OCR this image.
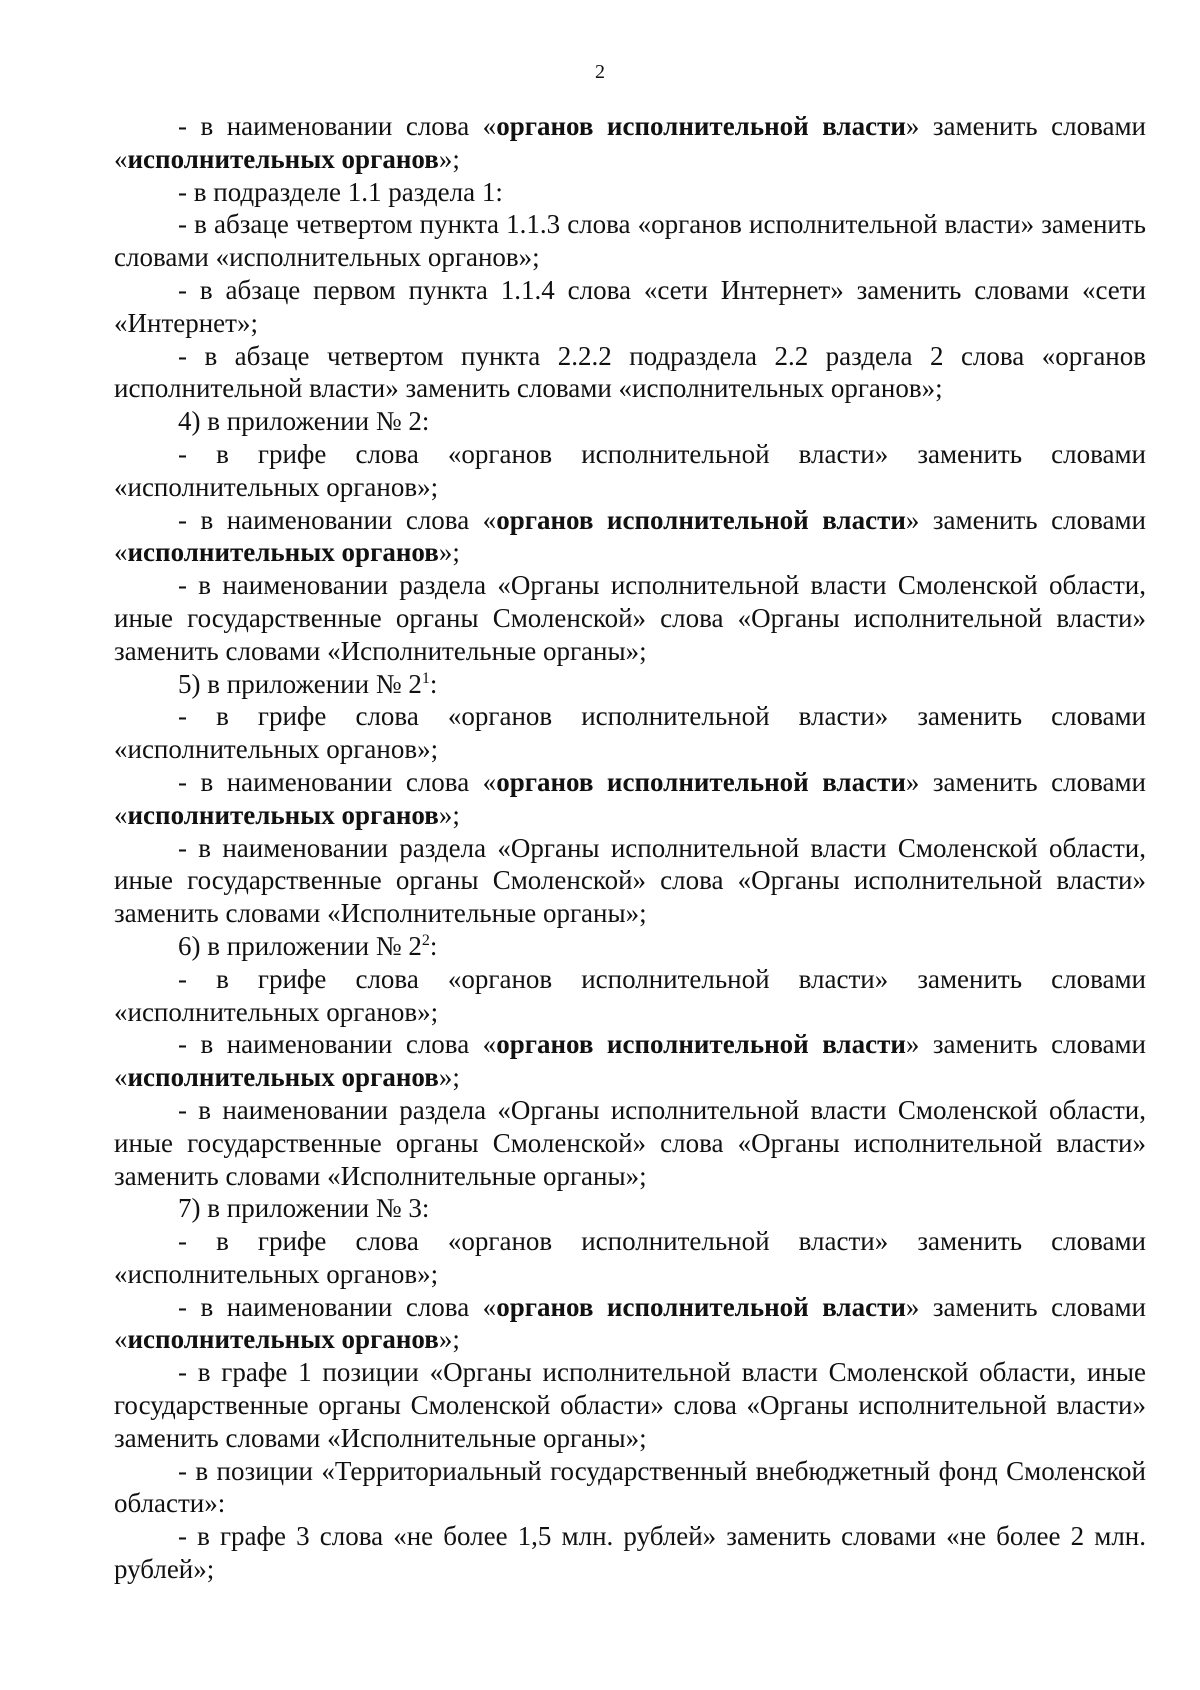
2

- в наименовании слова «органов исполнительной власти» заменить словами «исполнительных органов»;

- в подразделе 1.1 раздела 1:

- в абзаце четвертом пункта 1.1.3 слова «органов исполнительной власти» заменить словами «исполнительных органов»;

- в абзаце первом пункта 1.1.4 слова «сети Интернет» заменить словами «сети «Интернет»;

- в абзаце четвертом пункта 2.2.2 подраздела 2.2 раздела 2 слова «органов исполнительной власти» заменить словами «исполнительных органов»;

4) в приложении № 2:

- в грифе слова «органов исполнительной власти» заменить словами «исполнительных органов»;

- в наименовании слова «органов исполнительной власти» заменить словами «исполнительных органов»;

- в наименовании раздела «Органы исполнительной власти Смоленской области, иные государственные органы Смоленской» слова «Органы исполнительной власти» заменить словами «Исполнительные органы»;

5) в приложении № $2^1$:

- в грифе слова «органов исполнительной власти» заменить словами «исполнительных органов»;

- в наименовании слова «органов исполнительной власти» заменить словами «исполнительных органов»;

- в наименовании раздела «Органы исполнительной власти Смоленской области, иные государственные органы Смоленской» слова «Органы исполнительной власти» заменить словами «Исполнительные органы»;

6) в приложении № $2^2$:

- в грифе слова «органов исполнительной власти» заменить словами «исполнительных органов»;

- в наименовании слова «органов исполнительной власти» заменить словами «исполнительных органов»;

- в наименовании раздела «Органы исполнительной власти Смоленской области, иные государственные органы Смоленской» слова «Органы исполнительной власти» заменить словами «Исполнительные органы»;

7) в приложении № 3:

- в грифе слова «органов исполнительной власти» заменить словами «исполнительных органов»;

- в наименовании слова «органов исполнительной власти» заменить словами «исполнительных органов»;

- в графе 1 позиции «Органы исполнительной власти Смоленской области, иные государственные органы Смоленской области» слова «Органы исполнительной власти» заменить словами «Исполнительные органы»;

- в позиции «Территориальный государственный внебюджетный фонд Смоленской области»:

- в графе 3 слова «не более 1,5 млн. рублей» заменить словами «не более 2 млн. рублей»;
